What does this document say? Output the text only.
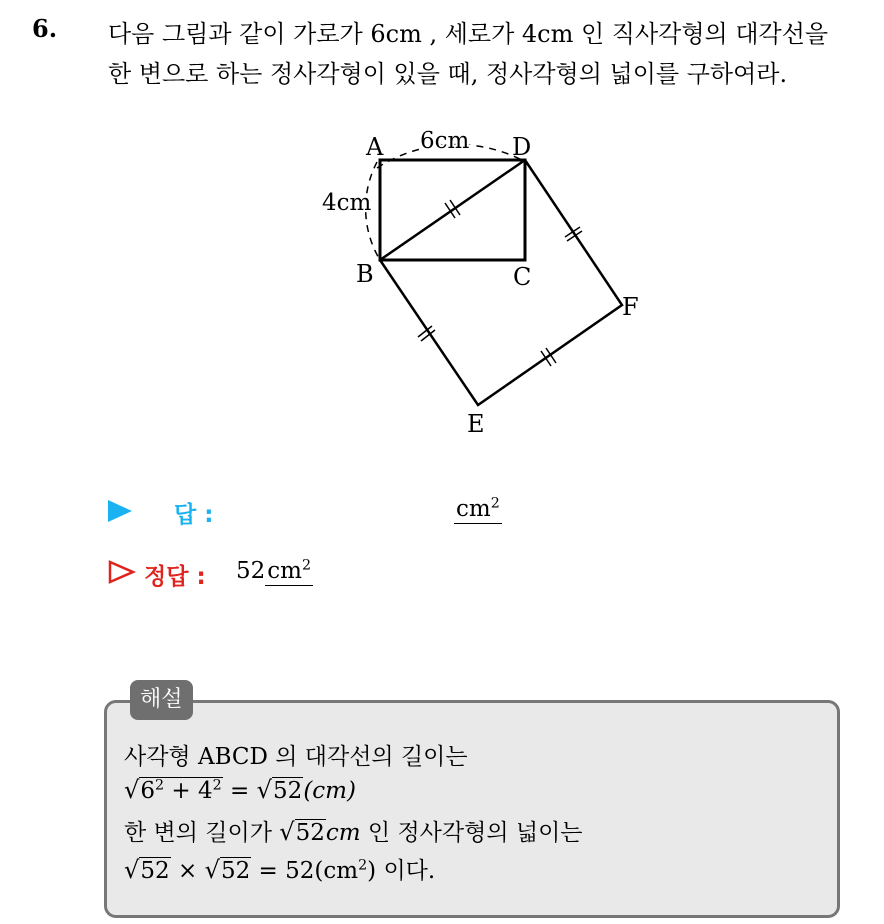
6. 다음 그림과 같이 가로가 6cm , 세로가 4cm 인 직사각형의 대각선을
한 변으로 하는 정사각형이 있을 때, 정사각형의 넓이를 구하여라.
A	D
B	C
F
E
6cm
4cm
답 :	$cm^2$
정답 : $52cm^2$
해설
사각형 ABCD 의 대각선의 길이는
$√6^2 + 4^2 = √52(cm)$
한 변의 길이가 √52cm 인 정사각형의 넓이는
$√52 \times √52 = 52(cm^2)$ 이다.
